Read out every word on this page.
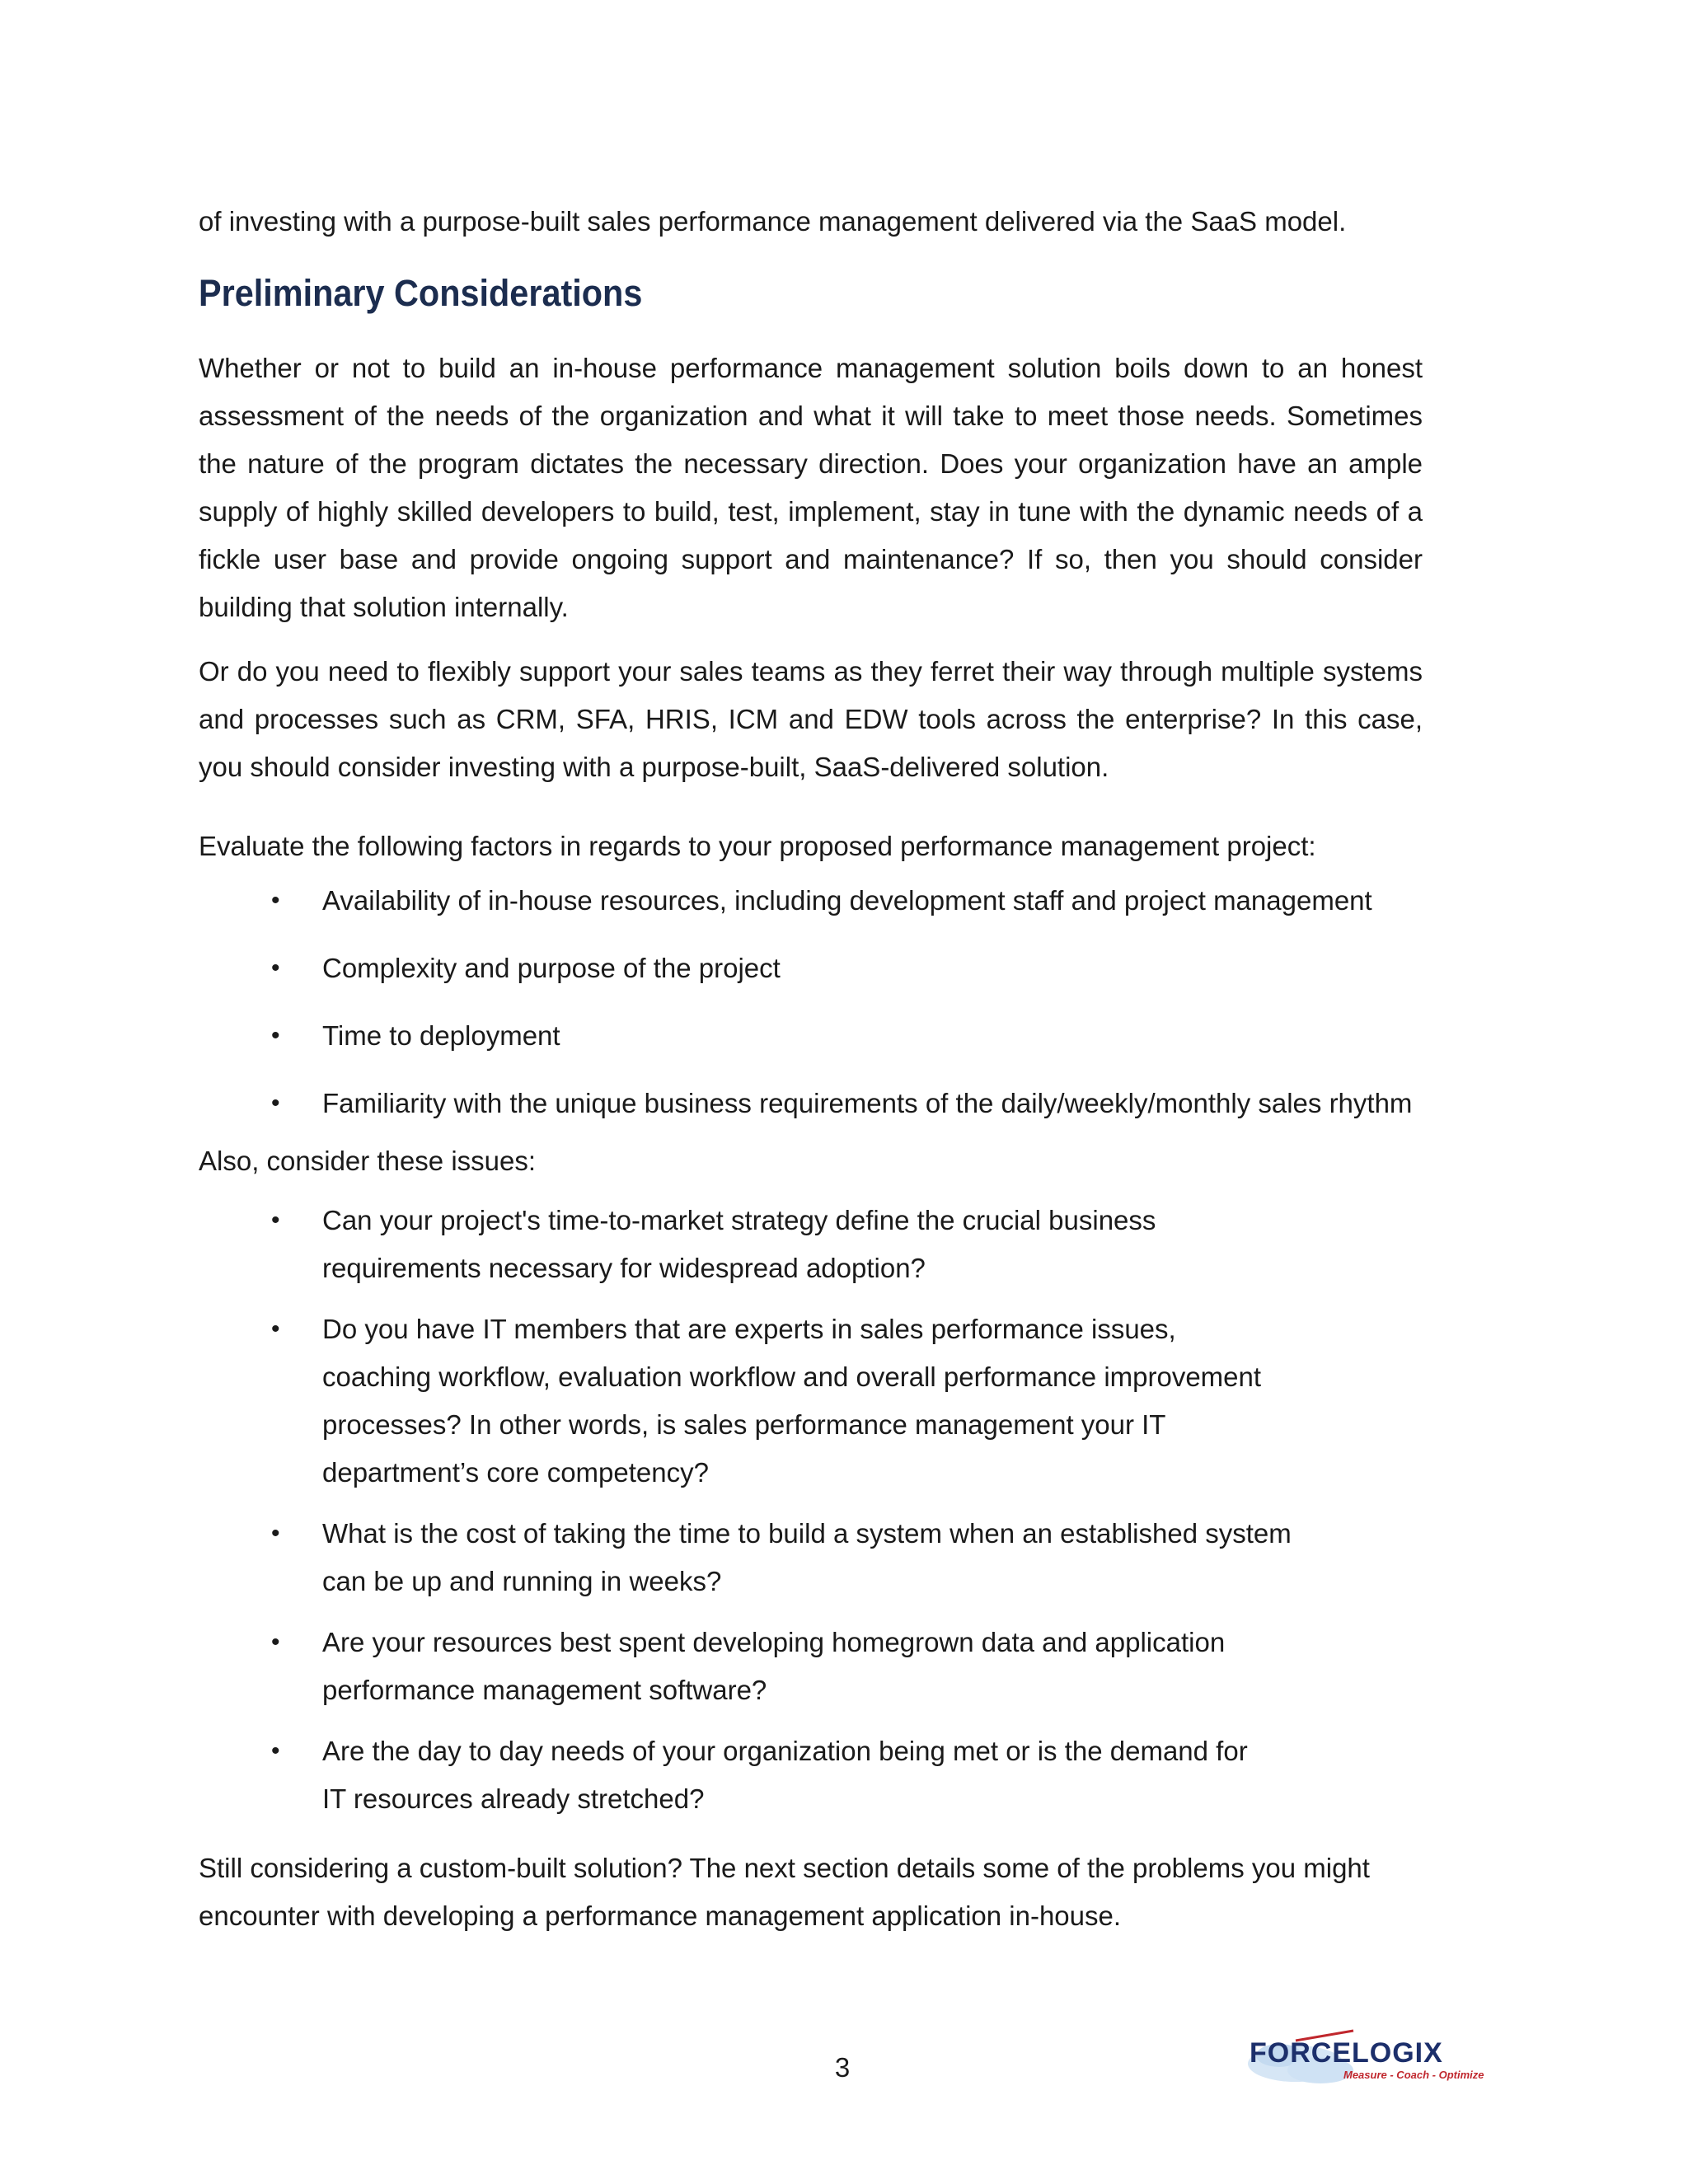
of investing with a purpose-built sales performance management delivered via the SaaS model.

Preliminary Considerations

Whether or not to build an in-house performance management solution boils down to an honest assessment of the needs of the organization and what it will take to meet those needs. Sometimes the nature of the program dictates the necessary direction. Does your organization have an ample supply of highly skilled developers to build, test, implement, stay in tune with the dynamic needs of a fickle user base and provide ongoing support and maintenance? If so, then you should consider building that solution internally.

Or do you need to flexibly support your sales teams as they ferret their way through multiple systems and processes such as CRM, SFA, HRIS, ICM and EDW tools across the enterprise? In this case, you should consider investing with a purpose-built, SaaS-delivered solution.

Evaluate the following factors in regards to your proposed performance management project:

• Availability of in-house resources, including development staff and project management
• Complexity and purpose of the project
• Time to deployment
• Familiarity with the unique business requirements of the daily/weekly/monthly sales rhythm

Also, consider these issues:

• Can your project's time-to-market strategy define the crucial business requirements necessary for widespread adoption?
• Do you have IT members that are experts in sales performance issues, coaching workflow, evaluation workflow and overall performance improvement processes? In other words, is sales performance management your IT department’s core competency?
• What is the cost of taking the time to build a system when an established system can be up and running in weeks?
• Are your resources best spent developing homegrown data and application performance management software?
• Are the day to day needs of your organization being met or is the demand for IT resources already stretched?

Still considering a custom-built solution? The next section details some of the problems you might encounter with developing a performance management application in-house.

3	FORCELOGIX
Measure - Coach - Optimize
